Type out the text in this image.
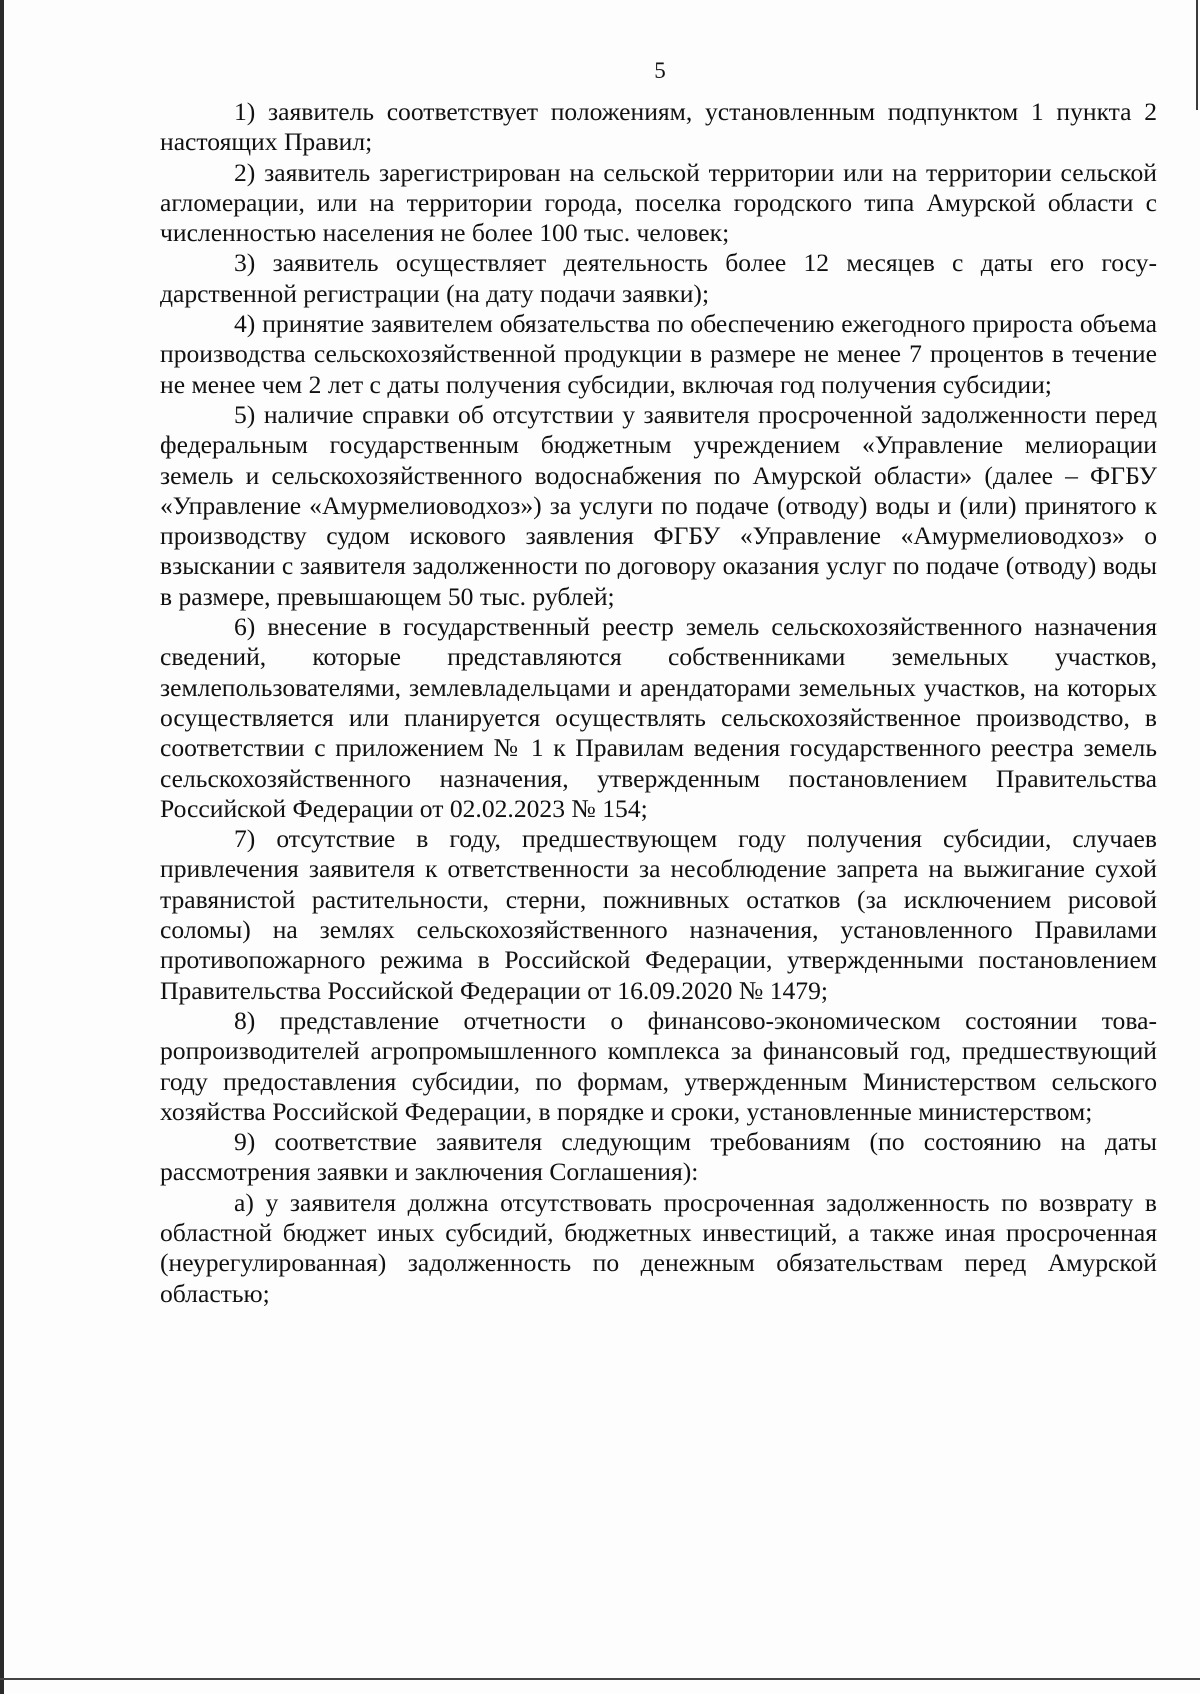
5

1) заявитель соответствует положениям, установленным подпунктом 1 пункта 2 настоящих Правил;

2) заявитель зарегистрирован на сельской территории или на территории сельской агломерации, или на территории города, поселка городского типа Амурской области с численностью населения не более 100 тыс. человек;

3) заявитель осуществляет деятельность более 12 месяцев с даты его государственной регистрации (на дату подачи заявки);

4) принятие заявителем обязательства по обеспечению ежегодного прироста объема производства сельскохозяйственной продукции в размере не менее 7 процентов в течение не менее чем 2 лет с даты получения субсидии, включая год получения субсидии;

5) наличие справки об отсутствии у заявителя просроченной задолженности перед федеральным государственным бюджетным учреждением «Управление мелиорации земель и сельскохозяйственного водоснабжения по Амурской области» (далее – ФГБУ «Управление «Амурмелиоводхоз») за услуги по подаче (отводу) воды и (или) принятого к производству судом искового заявления ФГБУ «Управление «Амурмелиоводхоз» о взыскании с заявителя задолженности по договору оказания услуг по подаче (отводу) воды в размере, превышающем 50 тыс. рублей;

6) внесение в государственный реестр земель сельскохозяйственного назначения сведений, которые представляются собственниками земельных участков, землепользователями, землевладельцами и арендаторами земельных участков, на которых осуществляется или планируется осуществлять сельскохозяйственное производство, в соответствии с приложением № 1 к Правилам ведения государственного реестра земель сельскохозяйственного назначения, утвержденным постановлением Правительства Российской Федерации от 02.02.2023 № 154;

7) отсутствие в году, предшествующем году получения субсидии, случаев привлечения заявителя к ответственности за несоблюдение запрета на выжигание сухой травянистой растительности, стерни, пожнивных остатков (за исключением рисовой соломы) на землях сельскохозяйственного назначения, установленного Правилами противопожарного режима в Российской Федерации, утвержденными постановлением Правительства Российской Федерации от 16.09.2020 № 1479;

8) представление отчетности о финансово-экономическом состоянии товаропроизводителей агропромышленного комплекса за финансовый год, предшествующий году предоставления субсидии, по формам, утвержденным Министерством сельского хозяйства Российской Федерации, в порядке и сроки, установленные министерством;

9) соответствие заявителя следующим требованиям (по состоянию на даты рассмотрения заявки и заключения Соглашения):

а) у заявителя должна отсутствовать просроченная задолженность по возврату в областной бюджет иных субсидий, бюджетных инвестиций, а также иная просроченная (неурегулированная) задолженность по денежным обязательствам перед Амурской областью;
